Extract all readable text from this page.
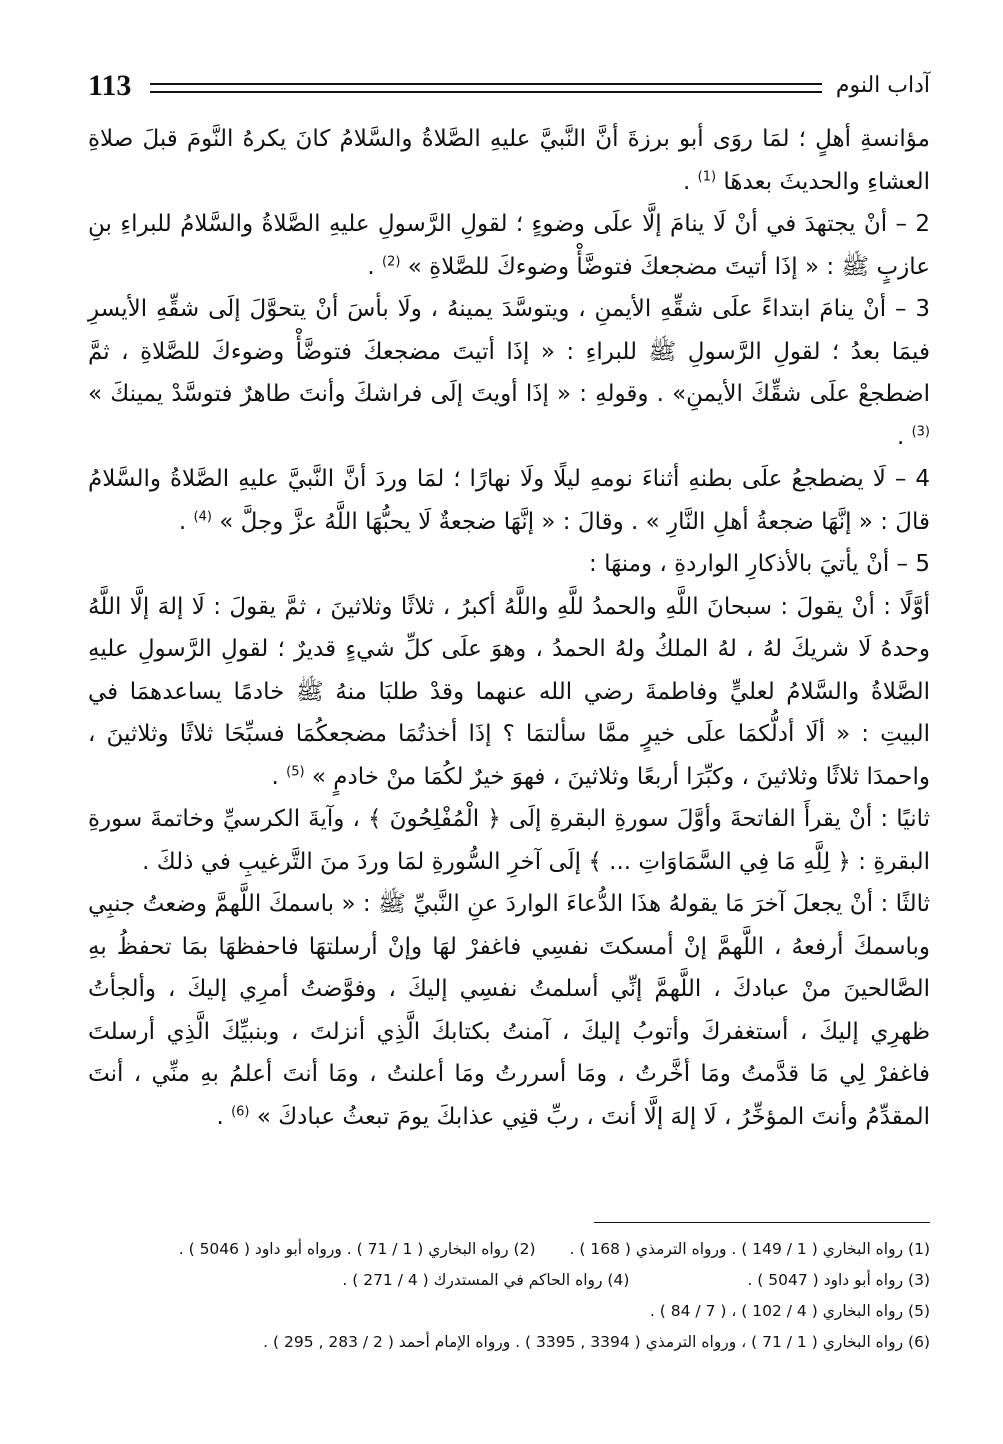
113	آداب النوم

مؤانسةِ أهلٍ ؛ لمَا روَى أبو برزةَ أنَّ النَّبيَّ عليهِ الصَّلاةُ والسَّلامُ كانَ يكرهُ النَّومَ قبلَ صلاةِ العشاءِ والحديثَ بعدهَا $^{(1)}$ .

2 – أنْ يجتهدَ في أنْ لَا ينامَ إلَّا علَى وضوءٍ ؛ لقولِ الرَّسولِ عليهِ الصَّلاةُ والسَّلامُ للبراءِ بنِ عازبٍ ﷺ : « إذَا أتيتَ مضجعكَ فتوضَّأْ وضوءكَ للصَّلاةِ » $^{(2)}$ .

3 – أنْ ينامَ ابتداءً علَى شقِّهِ الأيمنِ ، ويتوسَّدَ يمينهُ ، ولَا بأسَ أنْ يتحوَّلَ إلَى شقِّهِ الأيسرِ فيمَا بعدُ ؛ لقولِ الرَّسولِ ﷺ للبراءِ : « إذَا أتيتَ مضجعكَ فتوضَّأْ وضوءكَ للصَّلاةِ ، ثمَّ اضطجعْ علَى شقِّكَ الأيمنِ» . وقولهِ : « إذَا أويتَ إلَى فراشكَ وأنتَ طاهرٌ فتوسَّدْ يمينكَ » $^{(3)}$ .

4 – لَا يضطجعُ علَى بطنهِ أثناءَ نومهِ ليلًا ولَا نهارًا ؛ لمَا وردَ أنَّ النَّبيَّ عليهِ الصَّلاةُ والسَّلامُ قالَ : « إنَّهَا ضجعةُ أهلِ النَّارِ » . وقالَ : « إنَّهَا ضجعةٌ لَا يحبُّهَا اللَّهُ عزَّ وجلَّ » $^{(4)}$ .

5 – أنْ يأتيَ بالأذكارِ الواردةِ ، ومنهَا :

أوَّلًا : أنْ يقولَ : سبحانَ اللَّهِ والحمدُ للَّهِ واللَّهُ أكبرُ ، ثلاثًا وثلاثينَ ، ثمَّ يقولَ : لَا إلهَ إلَّا اللَّهُ وحدهُ لَا شريكَ لهُ ، لهُ الملكُ ولهُ الحمدُ ، وهوَ علَى كلِّ شيءٍ قديرٌ ؛ لقولِ الرَّسولِ عليهِ الصَّلاةُ والسَّلامُ لعليٍّ وفاطمةَ رضي الله عنهما وقدْ طلبَا منهُ ﷺ خادمًا يساعدهمَا في البيتِ : « ألَا أدلُّكمَا علَى خيرٍ ممَّا سألتمَا ؟ إذَا أخذتُمَا مضجعكُمَا فسبِّحَا ثلاثًا وثلاثينَ ، واحمدَا ثلاثًا وثلاثينَ ، وكبِّرَا أربعًا وثلاثينَ ، فهوَ خيرٌ لكُمَا منْ خادمٍ » $^{(5)}$ .

ثانيًا : أنْ يقرأَ الفاتحةَ وأوَّلَ سورةِ البقرةِ إلَى ﴿ الْمُفْلِحُونَ ﴾ ، وآيةَ الكرسيِّ وخاتمةَ سورةِ البقرةِ : ﴿ لِلَّهِ مَا فِي السَّمَاوَاتِ ... ﴾ إلَى آخرِ السُّورةِ لمَا وردَ منَ التَّرغيبِ في ذلكَ .

ثالثًا : أنْ يجعلَ آخرَ مَا يقولهُ هذَا الدُّعاءَ الواردَ عنِ النَّبيِّ ﷺ : « باسمكَ اللَّهمَّ وضعتُ جنبِي وباسمكَ أرفعهُ ، اللَّهمَّ إنْ أمسكتَ نفسِي فاغفرْ لهَا وإنْ أرسلتهَا فاحفظهَا بمَا تحفظُ بهِ الصَّالحينَ منْ عبادكَ ، اللَّهمَّ إنِّي أسلمتُ نفسِي إليكَ ، وفوَّضتُ أمرِي إليكَ ، وألجأتُ ظهرِي إليكَ ، أستغفركَ وأتوبُ إليكَ ، آمنتُ بكتابكَ الَّذِي أنزلتَ ، وبنبيِّكَ الَّذِي أرسلتَ فاغفرْ لِي مَا قدَّمتُ ومَا أخَّرتُ ، ومَا أسررتُ ومَا أعلنتُ ، ومَا أنتَ أعلمُ بهِ منِّي ، أنتَ المقدِّمُ وأنتَ المؤخِّرُ ، لَا إلهَ إلَّا أنتَ ، ربِّ قنِي عذابكَ يومَ تبعثُ عبادكَ » $^{(6)}$ .

(1) رواه البخاري ( 1 / 149 ) . ورواه الترمذي ( 168 ) .(2) رواه البخاري ( 1 / 71 ) . ورواه أبو داود ( 5046 ) .
(3) رواه أبو داود ( 5047 ) .(4) رواه الحاكم في المستدرك ( 4 / 271 ) .
(5) رواه البخاري ( 4 / 102 ) ، ( 7 / 84 ) .
(6) رواه البخاري ( 1 / 71 ) ، ورواه الترمذي ( 3394 , 3395 ) . ورواه الإمام أحمد ( 2 / 283 , 295 ) .
